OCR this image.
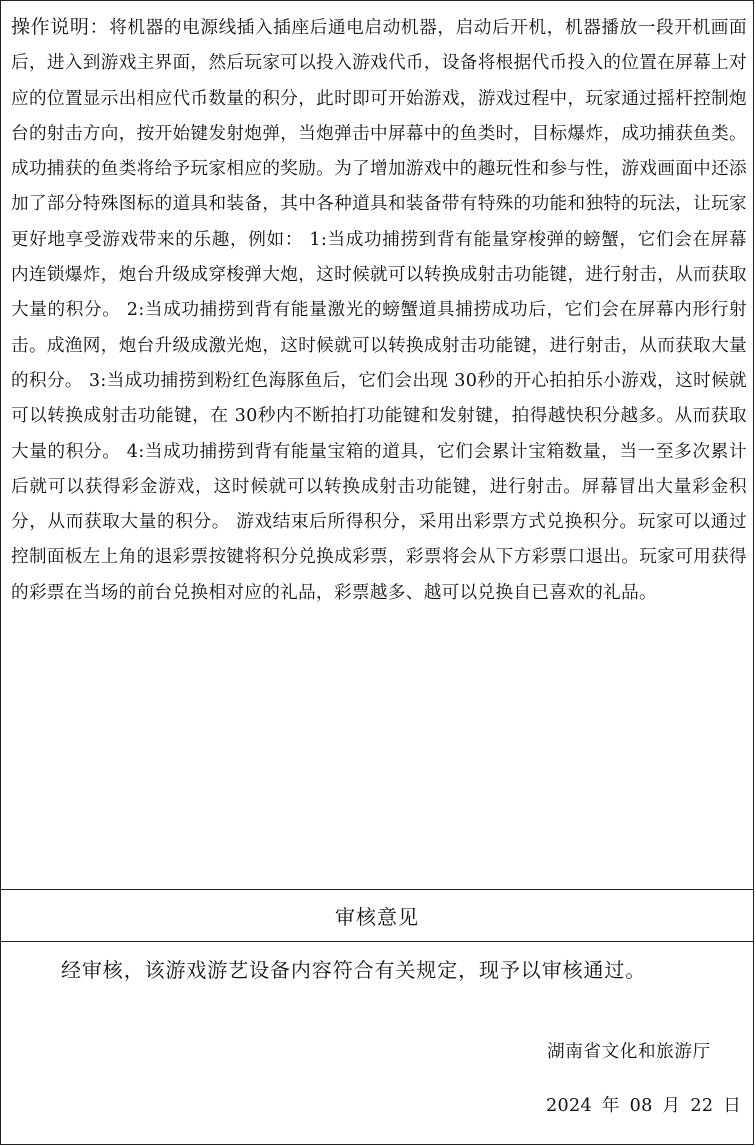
操作说明：将机器的电源线插入插座后通电启动机器，启动后开机，机器播放一段开机画面后，进入到游戏主界面，然后玩家可以投入游戏代币，设备将根据代币投入的位置在屏幕上对应的位置显示出相应代币数量的积分，此时即可开始游戏，游戏过程中，玩家通过摇杆控制炮台的射击方向，按开始键发射炮弹，当炮弹击中屏幕中的鱼类时，目标爆炸，成功捕获鱼类。成功捕获的鱼类将给予玩家相应的奖励。为了增加游戏中的趣玩性和参与性，游戏画面中还添加了部分特殊图标的道具和装备，其中各种道具和装备带有特殊的功能和独特的玩法，让玩家更好地享受游戏带来的乐趣，例如： 1:当成功捕捞到背有能量穿梭弹的螃蟹，它们会在屏幕内连锁爆炸，炮台升级成穿梭弹大炮，这时候就可以转换成射击功能键，进行射击，从而获取大量的积分。 2:当成功捕捞到背有能量激光的螃蟹道具捕捞成功后，它们会在屏幕内形行射击。成渔网，炮台升级成激光炮，这时候就可以转换成射击功能键，进行射击，从而获取大量的积分。 3:当成功捕捞到粉红色海豚鱼后，它们会出现 30秒的开心拍拍乐小游戏，这时候就可以转换成射击功能键，在 30秒内不断拍打功能键和发射键，拍得越快积分越多。从而获取大量的积分。 4:当成功捕捞到背有能量宝箱的道具，它们会累计宝箱数量，当一至多次累计后就可以获得彩金游戏，这时候就可以转换成射击功能键，进行射击。屏幕冒出大量彩金积分，从而获取大量的积分。 游戏结束后所得积分，采用出彩票方式兑换积分。玩家可以通过控制面板左上角的退彩票按键将积分兑换成彩票，彩票将会从下方彩票口退出。玩家可用获得的彩票在当场的前台兑换相对应的礼品，彩票越多、越可以兑换自已喜欢的礼品。

审核意见
经审核，该游戏游艺设备内容符合有关规定，现予以审核通过。
湖南省文化和旅游厅
2024 年 08 月 22 日
